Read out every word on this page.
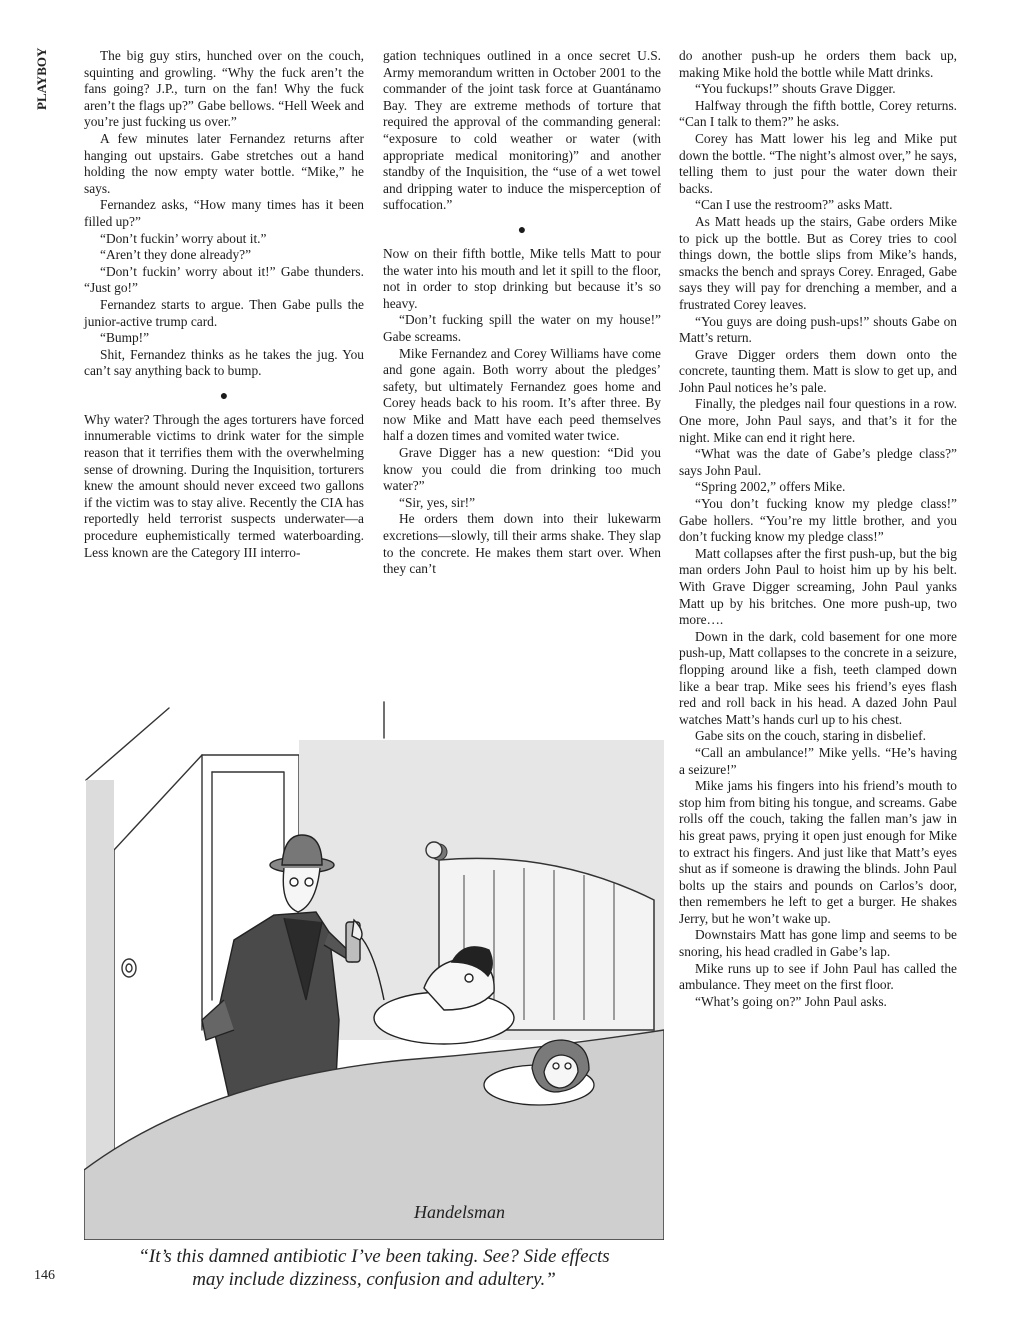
PLAYBOY	The big guy stirs, hunched over on the couch, squinting and growling. “Why the fuck aren’t the fans going? J.P., turn on the fan! Why the fuck aren’t the flags up?” Gabe bellows. “Hell Week and you’re just fucking us over.”

A few minutes later Fernandez returns after hanging out upstairs. Gabe stretches out a hand holding the now empty water bottle. “Mike,” he says.

Fernandez asks, “How many times has it been filled up?”

“Don’t fuckin’ worry about it.”

“Aren’t they done already?”

“Don’t fuckin’ worry about it!” Gabe thunders. “Just go!”

Fernandez starts to argue. Then Gabe pulls the junior-active trump card.

“Bump!”

Shit, Fernandez thinks as he takes the jug. You can’t say anything back to bump.

●

Why water? Through the ages torturers have forced innumerable victims to drink water for the simple reason that it terrifies them with the overwhelming sense of drowning. During the Inquisition, torturers knew the amount should never exceed two gallons if the victim was to stay alive. Recently the CIA has reportedly held terrorist suspects underwater—a procedure euphemistically termed waterboarding. Less known are the Category III interro-

gation techniques outlined in a once secret U.S. Army memorandum written in October 2001 to the commander of the joint task force at Guantánamo Bay. They are extreme methods of torture that required the approval of the commanding general: “exposure to cold weather or water (with appropriate medical monitoring)” and another standby of the Inquisition, the “use of a wet towel and dripping water to induce the misperception of suffocation.”

●

Now on their fifth bottle, Mike tells Matt to pour the water into his mouth and let it spill to the floor, not in order to stop drinking but because it’s so heavy.

“Don’t fucking spill the water on my house!” Gabe screams.

Mike Fernandez and Corey Williams have come and gone again. Both worry about the pledges’ safety, but ultimately Fernandez goes home and Corey heads back to his room. It’s after three. By now Mike and Matt have each peed themselves half a dozen times and vomited water twice.

Grave Digger has a new question: “Did you know you could die from drinking too much water?”

“Sir, yes, sir!”

He orders them down into their lukewarm excretions—slowly, till their arms shake. They slap to the concrete. He makes them start over. When they can’t

do another push-up he orders them back up, making Mike hold the bottle while Matt drinks.

“You fuckups!” shouts Grave Digger.

Halfway through the fifth bottle, Corey returns. “Can I talk to them?” he asks.

Corey has Matt lower his leg and Mike put down the bottle. “The night’s almost over,” he says, telling them to just pour the water down their backs.

“Can I use the restroom?” asks Matt.

As Matt heads up the stairs, Gabe orders Mike to pick up the bottle. But as Corey tries to cool things down, the bottle slips from Mike’s hands, smacks the bench and sprays Corey. Enraged, Gabe says they will pay for drenching a member, and a frustrated Corey leaves.

“You guys are doing push-ups!” shouts Gabe on Matt’s return.

Grave Digger orders them down onto the concrete, taunting them. Matt is slow to get up, and John Paul notices he’s pale.

Finally, the pledges nail four questions in a row. One more, John Paul says, and that’s it for the night. Mike can end it right here.

“What was the date of Gabe’s pledge class?” says John Paul.

“Spring 2002,” offers Mike.

“You don’t fucking know my pledge class!” Gabe hollers. “You’re my little brother, and you don’t fucking know my pledge class!”

Matt collapses after the first push-up, but the big man orders John Paul to hoist him up by his belt. With Grave Digger screaming, John Paul yanks Matt up by his britches. One more push-up, two more….

Down in the dark, cold basement for one more push-up, Matt collapses to the concrete in a seizure, flopping around like a fish, teeth clamped down like a bear trap. Mike sees his friend’s eyes flash red and roll back in his head. A dazed John Paul watches Matt’s hands curl up to his chest.

Gabe sits on the couch, staring in disbelief.

“Call an ambulance!” Mike yells. “He’s having a seizure!”

Mike jams his fingers into his friend’s mouth to stop him from biting his tongue, and screams. Gabe rolls off the couch, taking the fallen man’s jaw in his great paws, prying it open just enough for Mike to extract his fingers. And just like that Matt’s eyes shut as if someone is drawing the blinds. John Paul bolts up the stairs and pounds on Carlos’s door, then remembers he left to get a burger. He shakes Jerry, but he won’t wake up.

Downstairs Matt has gone limp and seems to be snoring, his head cradled in Gabe’s lap.

Mike runs up to see if John Paul has called the ambulance. They meet on the first floor.

“What’s going on?” John Paul asks.

Handelsman
“It’s this damned antibiotic I’ve been taking. See? Side effects
may include dizziness, confusion and adultery.”
146
